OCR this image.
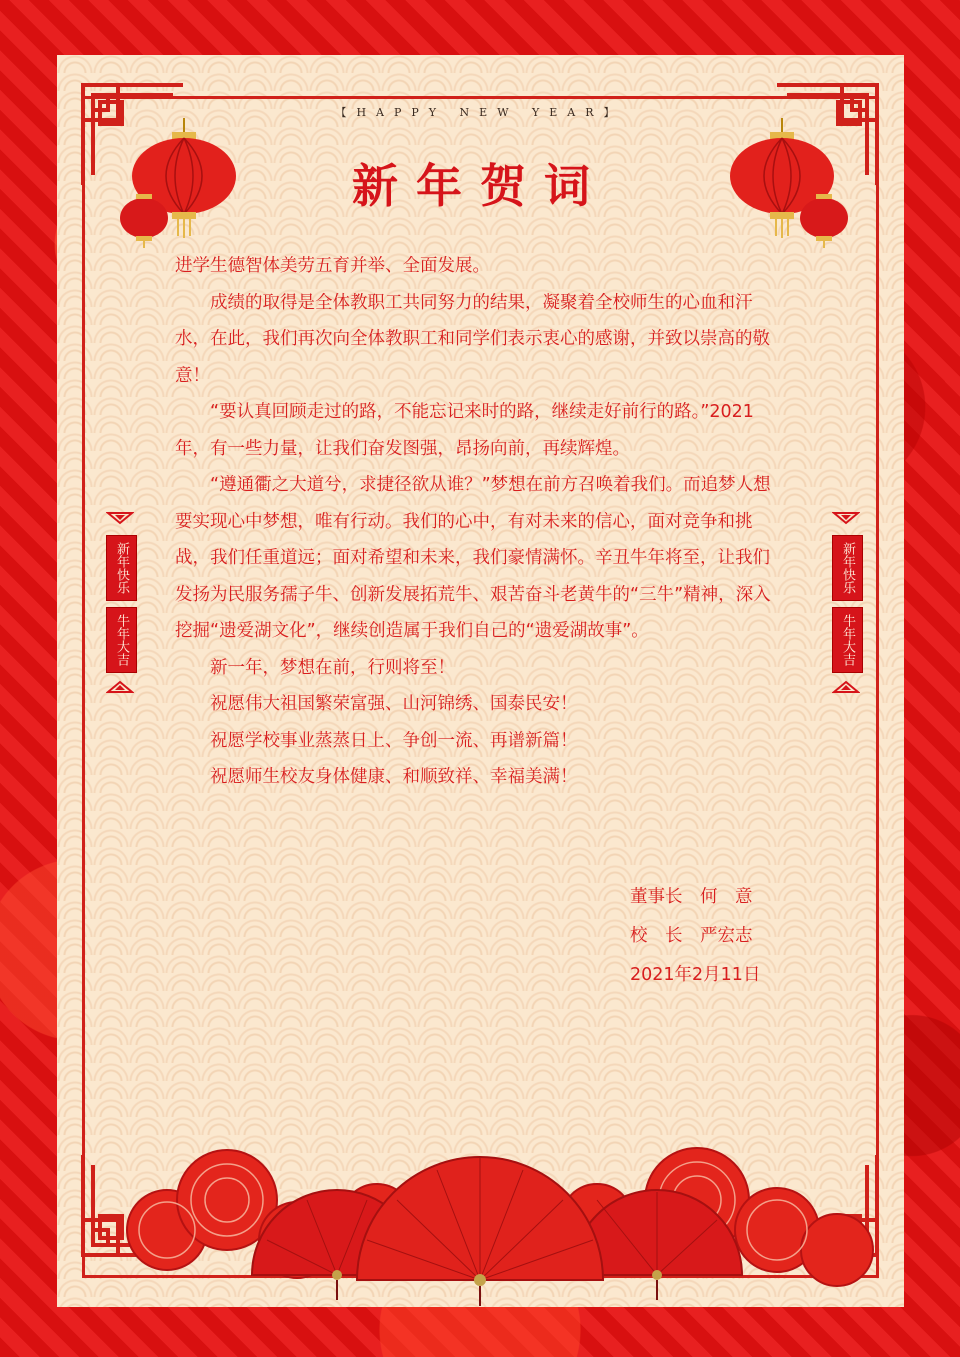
【HAPPY NEW YEAR】
新年贺词

进学生德智体美劳五育并举、全面发展。

成绩的取得是全体教职工共同努力的结果，凝聚着全校师生的心血和汗水，在此，我们再次向全体教职工和同学们表示衷心的感谢，并致以崇高的敬意！

“要认真回顾走过的路，不能忘记来时的路，继续走好前行的路。”2021年，有一些力量，让我们奋发图强，昂扬向前，再续辉煌。

“遵通衢之大道兮，求捷径欲从谁？”梦想在前方召唤着我们。而追梦人想要实现心中梦想，唯有行动。我们的心中，有对未来的信心，面对竞争和挑战，我们任重道远；面对希望和未来，我们豪情满怀。辛丑牛年将至，让我们发扬为民服务孺子牛、创新发展拓荒牛、艰苦奋斗老黄牛的“三牛”精神，深入挖掘“遗爱湖文化”，继续创造属于我们自己的“遗爱湖故事”。

新一年，梦想在前，行则将至！

祝愿伟大祖国繁荣富强、山河锦绣、国泰民安！

祝愿学校事业蒸蒸日上、争创一流、再谱新篇！

祝愿师生校友身体健康、和顺致祥、幸福美满！

董事长　何　意
校　长　严宏志
2021年2月11日
新年快乐
牛年大吉
新年快乐
牛年大吉
